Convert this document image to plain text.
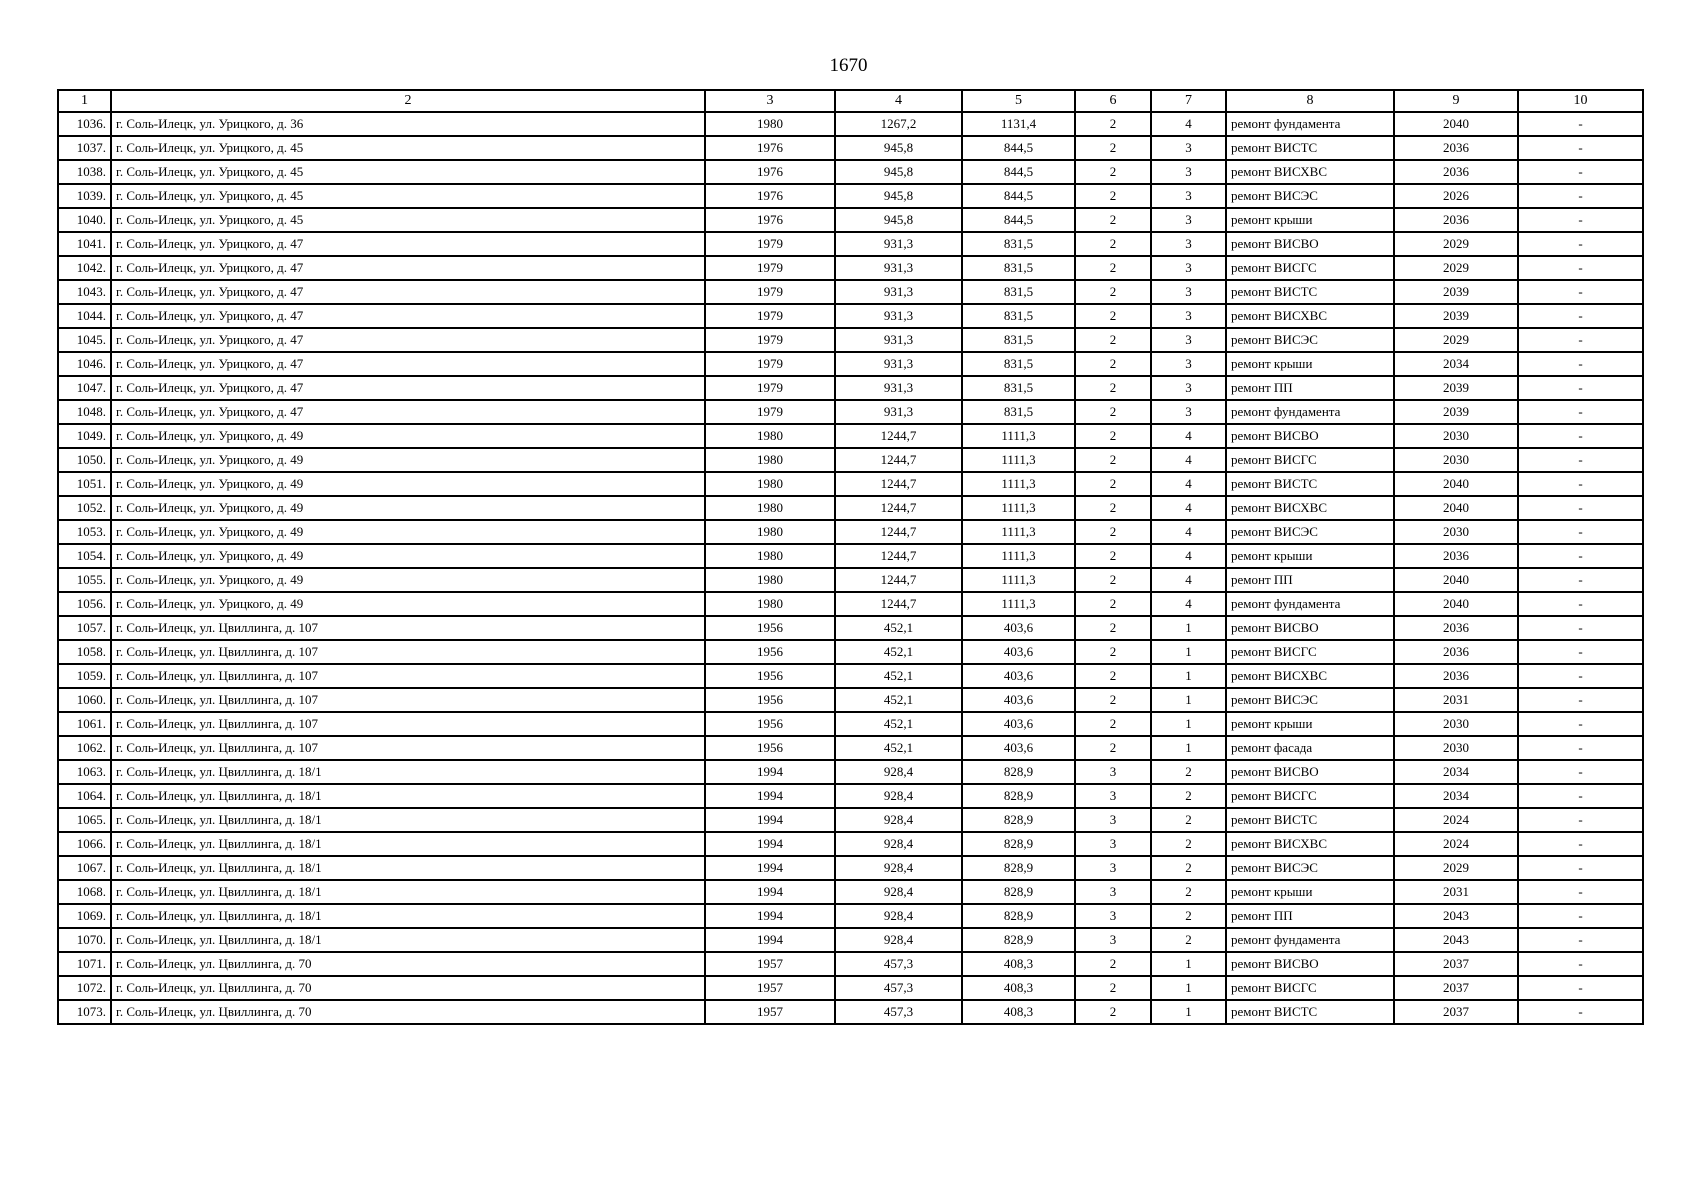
1670
1	2	3	4	5	6	7	8	9	10
1036.	г. Соль-Илецк, ул. Урицкого, д. 36	1980	1267,2	1131,4	2	4	ремонт фундамента	2040	-
1037.	г. Соль-Илецк, ул. Урицкого, д. 45	1976	945,8	844,5	2	3	ремонт ВИСТС	2036	-
1038.	г. Соль-Илецк, ул. Урицкого, д. 45	1976	945,8	844,5	2	3	ремонт ВИСХВС	2036	-
1039.	г. Соль-Илецк, ул. Урицкого, д. 45	1976	945,8	844,5	2	3	ремонт ВИСЭС	2026	-
1040.	г. Соль-Илецк, ул. Урицкого, д. 45	1976	945,8	844,5	2	3	ремонт крыши	2036	-
1041.	г. Соль-Илецк, ул. Урицкого, д. 47	1979	931,3	831,5	2	3	ремонт ВИСВО	2029	-
1042.	г. Соль-Илецк, ул. Урицкого, д. 47	1979	931,3	831,5	2	3	ремонт ВИСГС	2029	-
1043.	г. Соль-Илецк, ул. Урицкого, д. 47	1979	931,3	831,5	2	3	ремонт ВИСТС	2039	-
1044.	г. Соль-Илецк, ул. Урицкого, д. 47	1979	931,3	831,5	2	3	ремонт ВИСХВС	2039	-
1045.	г. Соль-Илецк, ул. Урицкого, д. 47	1979	931,3	831,5	2	3	ремонт ВИСЭС	2029	-
1046.	г. Соль-Илецк, ул. Урицкого, д. 47	1979	931,3	831,5	2	3	ремонт крыши	2034	-
1047.	г. Соль-Илецк, ул. Урицкого, д. 47	1979	931,3	831,5	2	3	ремонт ПП	2039	-
1048.	г. Соль-Илецк, ул. Урицкого, д. 47	1979	931,3	831,5	2	3	ремонт фундамента	2039	-
1049.	г. Соль-Илецк, ул. Урицкого, д. 49	1980	1244,7	1111,3	2	4	ремонт ВИСВО	2030	-
1050.	г. Соль-Илецк, ул. Урицкого, д. 49	1980	1244,7	1111,3	2	4	ремонт ВИСГС	2030	-
1051.	г. Соль-Илецк, ул. Урицкого, д. 49	1980	1244,7	1111,3	2	4	ремонт ВИСТС	2040	-
1052.	г. Соль-Илецк, ул. Урицкого, д. 49	1980	1244,7	1111,3	2	4	ремонт ВИСХВС	2040	-
1053.	г. Соль-Илецк, ул. Урицкого, д. 49	1980	1244,7	1111,3	2	4	ремонт ВИСЭС	2030	-
1054.	г. Соль-Илецк, ул. Урицкого, д. 49	1980	1244,7	1111,3	2	4	ремонт крыши	2036	-
1055.	г. Соль-Илецк, ул. Урицкого, д. 49	1980	1244,7	1111,3	2	4	ремонт ПП	2040	-
1056.	г. Соль-Илецк, ул. Урицкого, д. 49	1980	1244,7	1111,3	2	4	ремонт фундамента	2040	-
1057.	г. Соль-Илецк, ул. Цвиллинга, д. 107	1956	452,1	403,6	2	1	ремонт ВИСВО	2036	-
1058.	г. Соль-Илецк, ул. Цвиллинга, д. 107	1956	452,1	403,6	2	1	ремонт ВИСГС	2036	-
1059.	г. Соль-Илецк, ул. Цвиллинга, д. 107	1956	452,1	403,6	2	1	ремонт ВИСХВС	2036	-
1060.	г. Соль-Илецк, ул. Цвиллинга, д. 107	1956	452,1	403,6	2	1	ремонт ВИСЭС	2031	-
1061.	г. Соль-Илецк, ул. Цвиллинга, д. 107	1956	452,1	403,6	2	1	ремонт крыши	2030	-
1062.	г. Соль-Илецк, ул. Цвиллинга, д. 107	1956	452,1	403,6	2	1	ремонт фасада	2030	-
1063.	г. Соль-Илецк, ул. Цвиллинга, д. 18/1	1994	928,4	828,9	3	2	ремонт ВИСВО	2034	-
1064.	г. Соль-Илецк, ул. Цвиллинга, д. 18/1	1994	928,4	828,9	3	2	ремонт ВИСГС	2034	-
1065.	г. Соль-Илецк, ул. Цвиллинга, д. 18/1	1994	928,4	828,9	3	2	ремонт ВИСТС	2024	-
1066.	г. Соль-Илецк, ул. Цвиллинга, д. 18/1	1994	928,4	828,9	3	2	ремонт ВИСХВС	2024	-
1067.	г. Соль-Илецк, ул. Цвиллинга, д. 18/1	1994	928,4	828,9	3	2	ремонт ВИСЭС	2029	-
1068.	г. Соль-Илецк, ул. Цвиллинга, д. 18/1	1994	928,4	828,9	3	2	ремонт крыши	2031	-
1069.	г. Соль-Илецк, ул. Цвиллинга, д. 18/1	1994	928,4	828,9	3	2	ремонт ПП	2043	-
1070.	г. Соль-Илецк, ул. Цвиллинга, д. 18/1	1994	928,4	828,9	3	2	ремонт фундамента	2043	-
1071.	г. Соль-Илецк, ул. Цвиллинга, д. 70	1957	457,3	408,3	2	1	ремонт ВИСВО	2037	-
1072.	г. Соль-Илецк, ул. Цвиллинга, д. 70	1957	457,3	408,3	2	1	ремонт ВИСГС	2037	-
1073.	г. Соль-Илецк, ул. Цвиллинга, д. 70	1957	457,3	408,3	2	1	ремонт ВИСТС	2037	-
